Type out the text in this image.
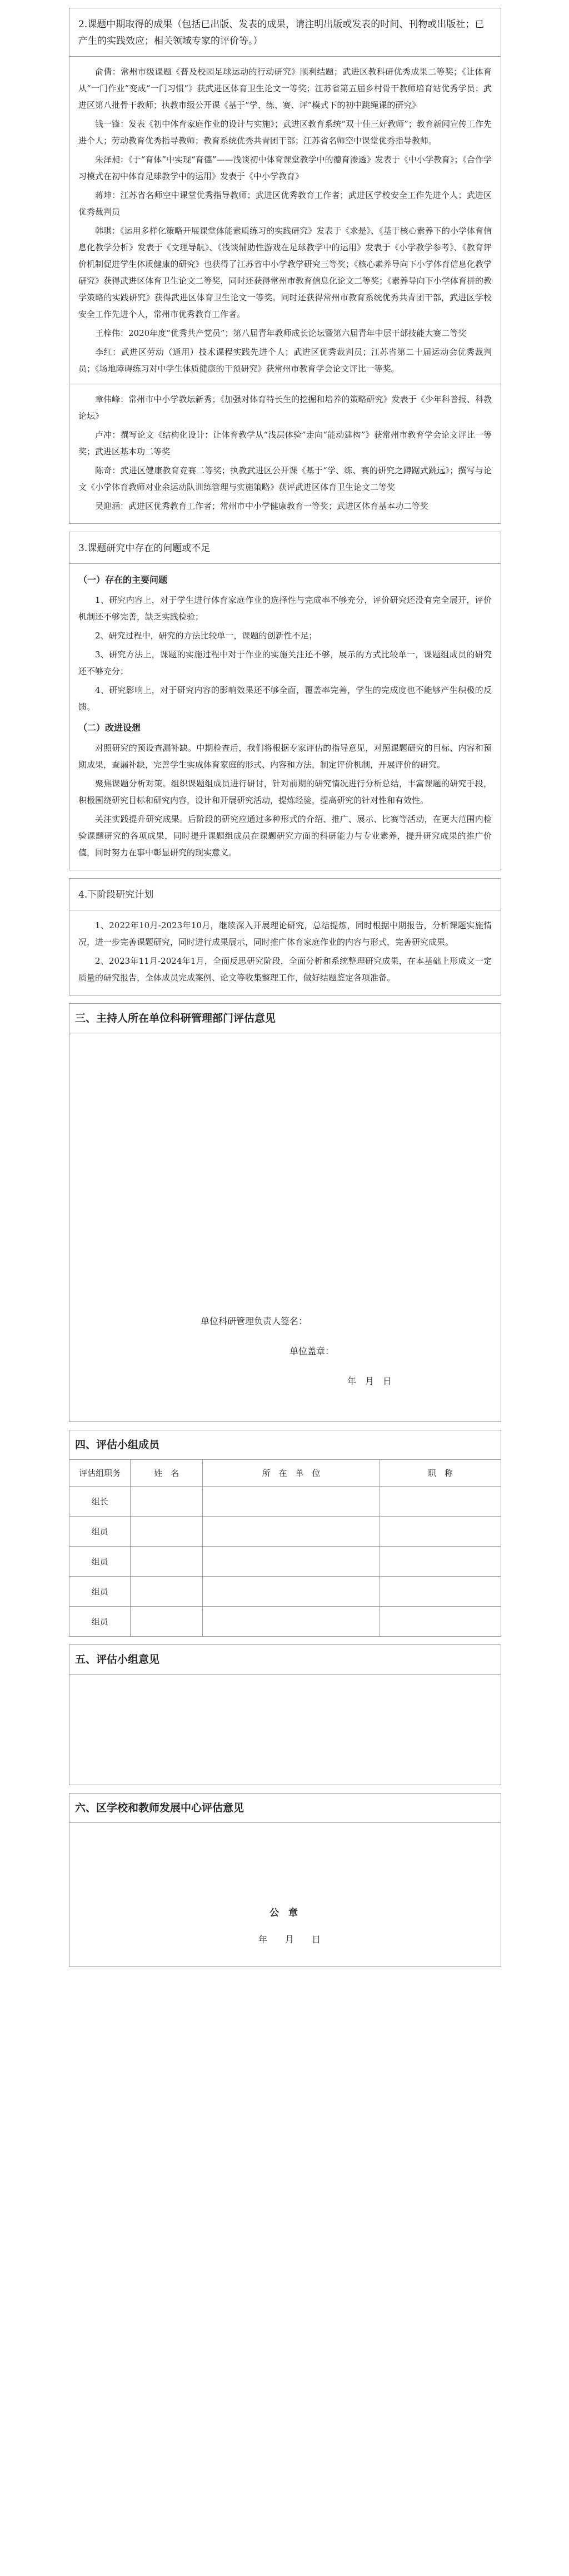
2.课题中期取得的成果（包括已出版、发表的成果，请注明出版或发表的时间、刊物或出版社；已产生的实践效应；相关领域专家的评价等。）

俞倩：常州市级课题《普及校园足球运动的行动研究》顺利结题；武进区教科研优秀成果二等奖；《让体育从“一门作业”变成“一门习惯”》获武进区体育卫生论文一等奖；江苏省第五届乡村骨干教师培育站优秀学员；武进区第八批骨干教师；执教市级公开课《基于“学、练、赛、评”模式下的初中跳绳课的研究》

钱一锋：发表《初中体育家庭作业的设计与实施》；武进区教育系统“双十佳三好教师”；教育新闻宣传工作先进个人；劳动教育优秀指导教师；教育系统优秀共青团干部；江苏省名师空中课堂优秀指导教师。

朱泽昶：《于“育体”中实现“育德”——浅谈初中体育课堂教学中的德育渗透》发表于《中小学教育》；《合作学习模式在初中体育足球教学中的运用》发表于《中小学教育》

蒋坤：江苏省名师空中课堂优秀指导教师；武进区优秀教育工作者；武进区学校安全工作先进个人；武进区优秀裁判员

韩琪：《运用多样化策略开展课堂体能素质练习的实践研究》发表于《求是》、《基于核心素养下的小学体育信息化教学分析》发表于《文理导航》、《浅谈辅助性游戏在足球教学中的运用》发表于《小学教学参考》、《教育评价机制促进学生体质健康的研究》也获得了江苏省中小学教学研究三等奖；《核心素养导向下小学体育信息化教学研究》获得武进区体育卫生论文二等奖，同时还获得常州市教育信息化论文二等奖；《素养导向下小学体育拼的教学策略的实践研究》获得武进区体育卫生论文一等奖。同时还获得常州市教育系统优秀共青团干部，武进区学校安全工作先进个人，常州市优秀教育工作者。

王梓伟：2020年度“优秀共产党员”；第八届青年教师成长论坛暨第六届青年中层干部技能大赛二等奖

李红：武进区劳动（通用）技术课程实践先进个人；武进区优秀裁判员；江苏省第二十届运动会优秀裁判员；《场地障碍练习对中学生体质健康的干预研究》获常州市教育学会论文评比一等奖。

章伟峰：常州市中小学教坛新秀；《加强对体育特长生的挖掘和培养的策略研究》发表于《少年科普报、科教论坛》

卢冲：撰写论文《结构化设计：让体育教学从“浅层体验”走向“能动建构”》获常州市教育学会论文评比一等奖；武进区基本功二等奖

陈奇：武进区健康教育竞赛二等奖；执教武进区公开课《基于“学、练、赛的研究之蹲踞式跳远》；撰写与论文《小学体育教师对业余运动队训练管理与实施策略》获评武进区体育卫生论文二等奖

吴迎涵：武进区优秀教育工作者；常州市中小学健康教育一等奖；武进区体育基本功二等奖

3.课题研究中存在的问题或不足
（一）存在的主要问题

1、研究内容上，对于学生进行体育家庭作业的选择性与完成率不够充分，评价研究还没有完全展开，评价机制还不够完善，缺乏实践检验；

2、研究过程中，研究的方法比较单一，课题的创新性不足；

3、研究方法上，课题的实施过程中对于作业的实施关注还不够，展示的方式比较单一，课题组成员的研究还不够充分；

4、研究影响上，对于研究内容的影响效果还不够全面，覆盖率完善，学生的完成度也不能够产生积极的反馈。

（二）改进设想

对照研究的预设查漏补缺。中期检查后，我们将根据专家评估的指导意见，对照课题研究的目标、内容和预期成果，查漏补缺，完善学生实成体育家庭的形式、内容和方法，制定评价机制，开展评价的研究。

聚焦课题分析对策。组织课题组成员进行研讨，针对前期的研究情况进行分析总结，丰富课题的研究手段，积极围绕研究目标和研究内容，设计和开展研究活动，提炼经验，提高研究的针对性和有效性。

关注实践提升研究成果。后阶段的研究应通过多种形式的介绍、推广、展示、比赛等活动，在更大范围内检验课题研究的各项成果，同时提升课题组成员在课题研究方面的科研能力与专业素养，提升研究成果的推广价值，同时努力在事中彰显研究的现实意义。

4.下阶段研究计划

1、2022年10月-2023年10月，继续深入开展理论研究，总结提炼，同时根据中期报告，分析课题实施情况，进一步完善课题研究，同时进行成果展示，同时推广体育家庭作业的内容与形式，完善研究成果。

2、2023年11月-2024年1月，全面反思研究阶段，全面分析和系统整理研究成果，在本基础上形成文一定质量的研究报告，全体成员完成案例、论文等收集整理工作，做好结题鉴定各项准备。

三、主持人所在单位科研管理部门评估意见
单位科研管理负责人签名：
单位盖章：
年　月　日
四、评估小组成员
评估组职务	姓　名	所　在　单　位	职　称
组长			
组员			
组员			
组员			
组员			
五、评估小组意见
六、区学校和教师发展中心评估意见
公　章
年　　月　　日
